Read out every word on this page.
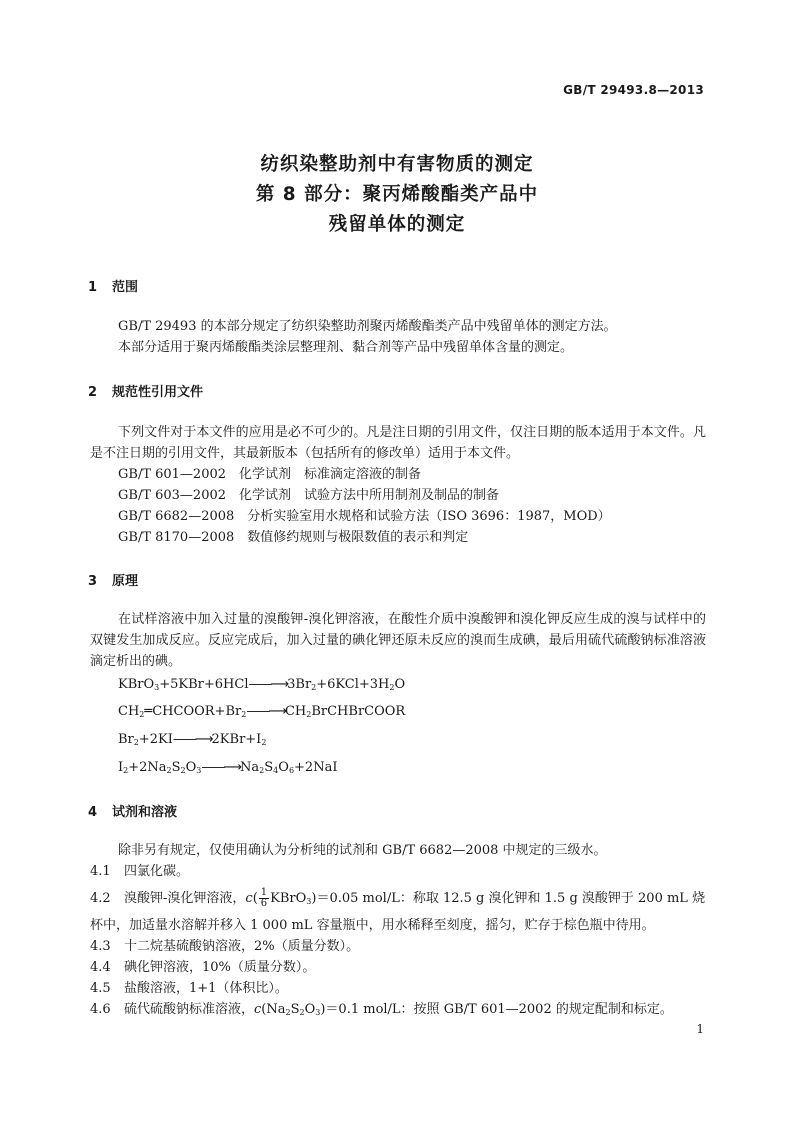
GB/T 29493.8—2013
纺织染整助剂中有害物质的测定
第 8 部分：聚丙烯酸酯类产品中
残留单体的测定
1 范围
GB/T 29493 的本部分规定了纺织染整助剂聚丙烯酸酯类产品中残留单体的测定方法。
本部分适用于聚丙烯酸酯类涂层整理剂、黏合剂等产品中残留单体含量的测定。
2 规范性引用文件
下列文件对于本文件的应用是必不可少的。凡是注日期的引用文件，仅注日期的版本适用于本文件。凡是不注日期的引用文件，其最新版本（包括所有的修改单）适用于本文件。
GB/T 601—2002　化学试剂　标准滴定溶液的制备
GB/T 603—2002　化学试剂　试验方法中所用制剂及制品的制备
GB/T 6682—2008　分析实验室用水规格和试验方法（ISO 3696：1987，MOD）
GB/T 8170—2008　数值修约规则与极限数值的表示和判定
3 原理
在试样溶液中加入过量的溴酸钾-溴化钾溶液，在酸性介质中溴酸钾和溴化钾反应生成的溴与试样中的双键发生加成反应。反应完成后，加入过量的碘化钾还原未反应的溴而生成碘，最后用硫代硫酸钠标准溶液滴定析出的碘。
$KBrO_3+5KBr+6HCl——⟶3Br_2+6KCl+3H_2O$
$CH_2═CHCOOR+Br_2——⟶CH_2BrCHBrCOOR$
$Br_2+2KI——⟶2KBr+I_2$
$I_2+2Na_2S_2O_3——⟶Na_2S_4O_6+2NaI$
4 试剂和溶液
除非另有规定，仅使用确认为分析纯的试剂和 GB/T 6682—2008 中规定的三级水。
4.1 四氯化碳。
4.2 溴酸钾-溴化钾溶液，$c( \frac{1}{6}$ KBrO$_3$)＝0.05 mol/L：称取 12.5 g 溴化钾和 1.5 g 溴酸钾于 200 mL 烧
杯中，加适量水溶解并移入 1 000 mL 容量瓶中，用水稀释至刻度，摇匀，贮存于棕色瓶中待用。
4.3 十二烷基硫酸钠溶液，2%（质量分数）。
4.4 碘化钾溶液，10%（质量分数）。
4.5 盐酸溶液，1+1（体积比）。
4.6 硫代硫酸钠标准溶液，$c(Na_2S_2O_3)=0.1$ mol/L：按照 GB/T 601—2002 的规定配制和标定。
1
